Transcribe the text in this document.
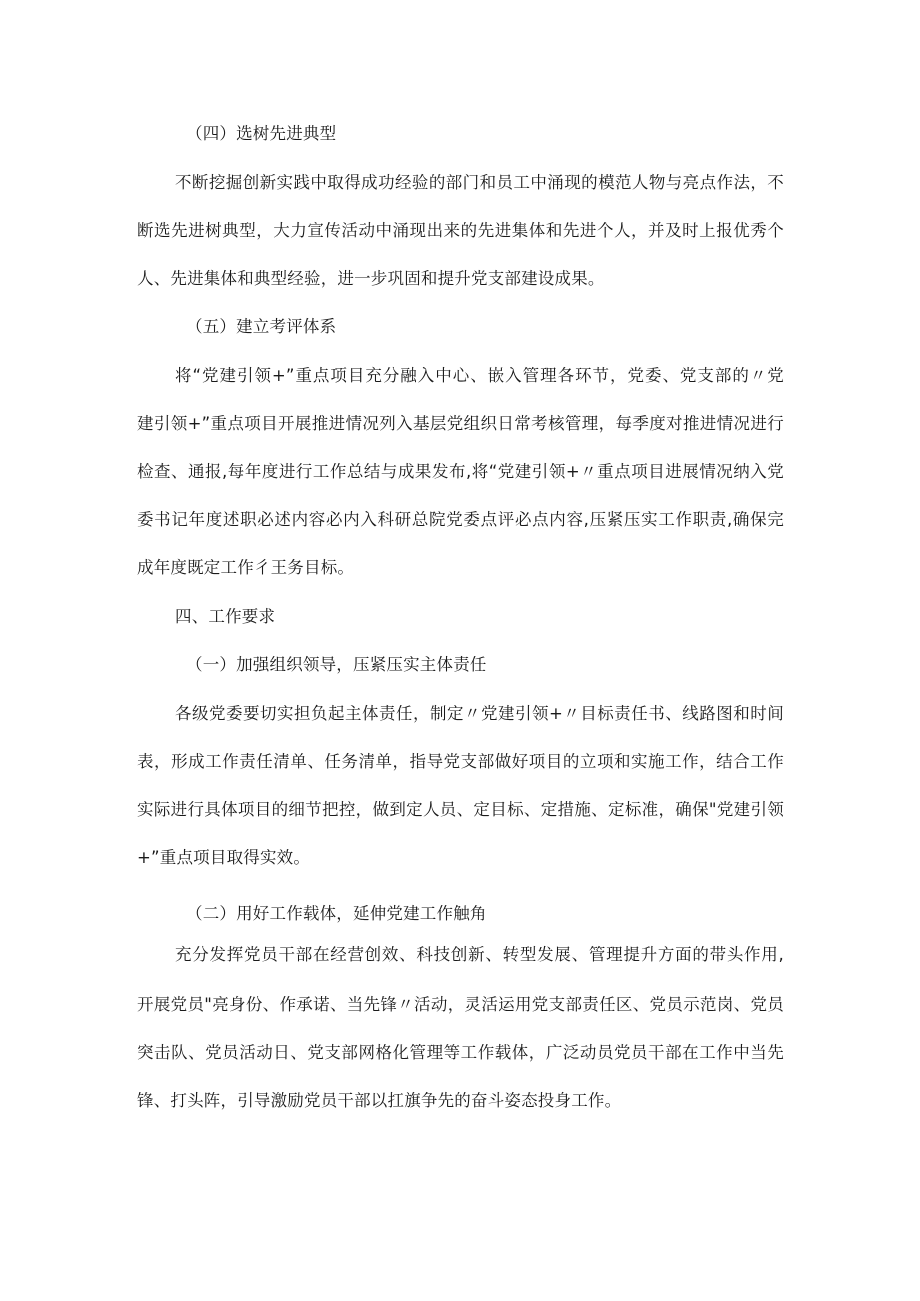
（四）选树先进典型
不断挖掘创新实践中取得成功经验的部门和员工中涌现的模范人物与亮点作法，不
断选先进树典型，大力宣传活动中涌现出来的先进集体和先进个人，并及时上报优秀个
人、先进集体和典型经验，进一步巩固和提升党支部建设成果。
（五）建立考评体系
将“党建引领+”重点项目充分融入中心、嵌入管理各环节，党委、党支部的〃党
建引领+”重点项目开展推进情况列入基层党组织日常考核管理，每季度对推进情况进行
检查、通报,每年度进行工作总结与成果发布,将“党建引领+〃重点项目进展情况纳入党
委书记年度述职必述内容必内入科研总院党委点评必点内容,压紧压实工作职责,确保完
成年度既定工作彳王务目标。
四、工作要求
（一）加强组织领导，压紧压实主体责任
各级党委要切实担负起主体责任，制定〃党建引领+〃目标责任书、线路图和时间
表，形成工作责任清单、任务清单，指导党支部做好项目的立项和实施工作，结合工作
实际进行具体项目的细节把控，做到定人员、定目标、定措施、定标准，确保"党建引领
+”重点项目取得实效。
（二）用好工作载体，延伸党建工作触角
充分发挥党员干部在经营创效、科技创新、转型发展、管理提升方面的带头作用,
开展党员"亮身份、作承诺、当先锋〃活动，灵活运用党支部责任区、党员示范岗、党员
突击队、党员活动日、党支部网格化管理等工作载体，广泛动员党员干部在工作中当先
锋、打头阵，引导激励党员干部以扛旗争先的奋斗姿态投身工作。
